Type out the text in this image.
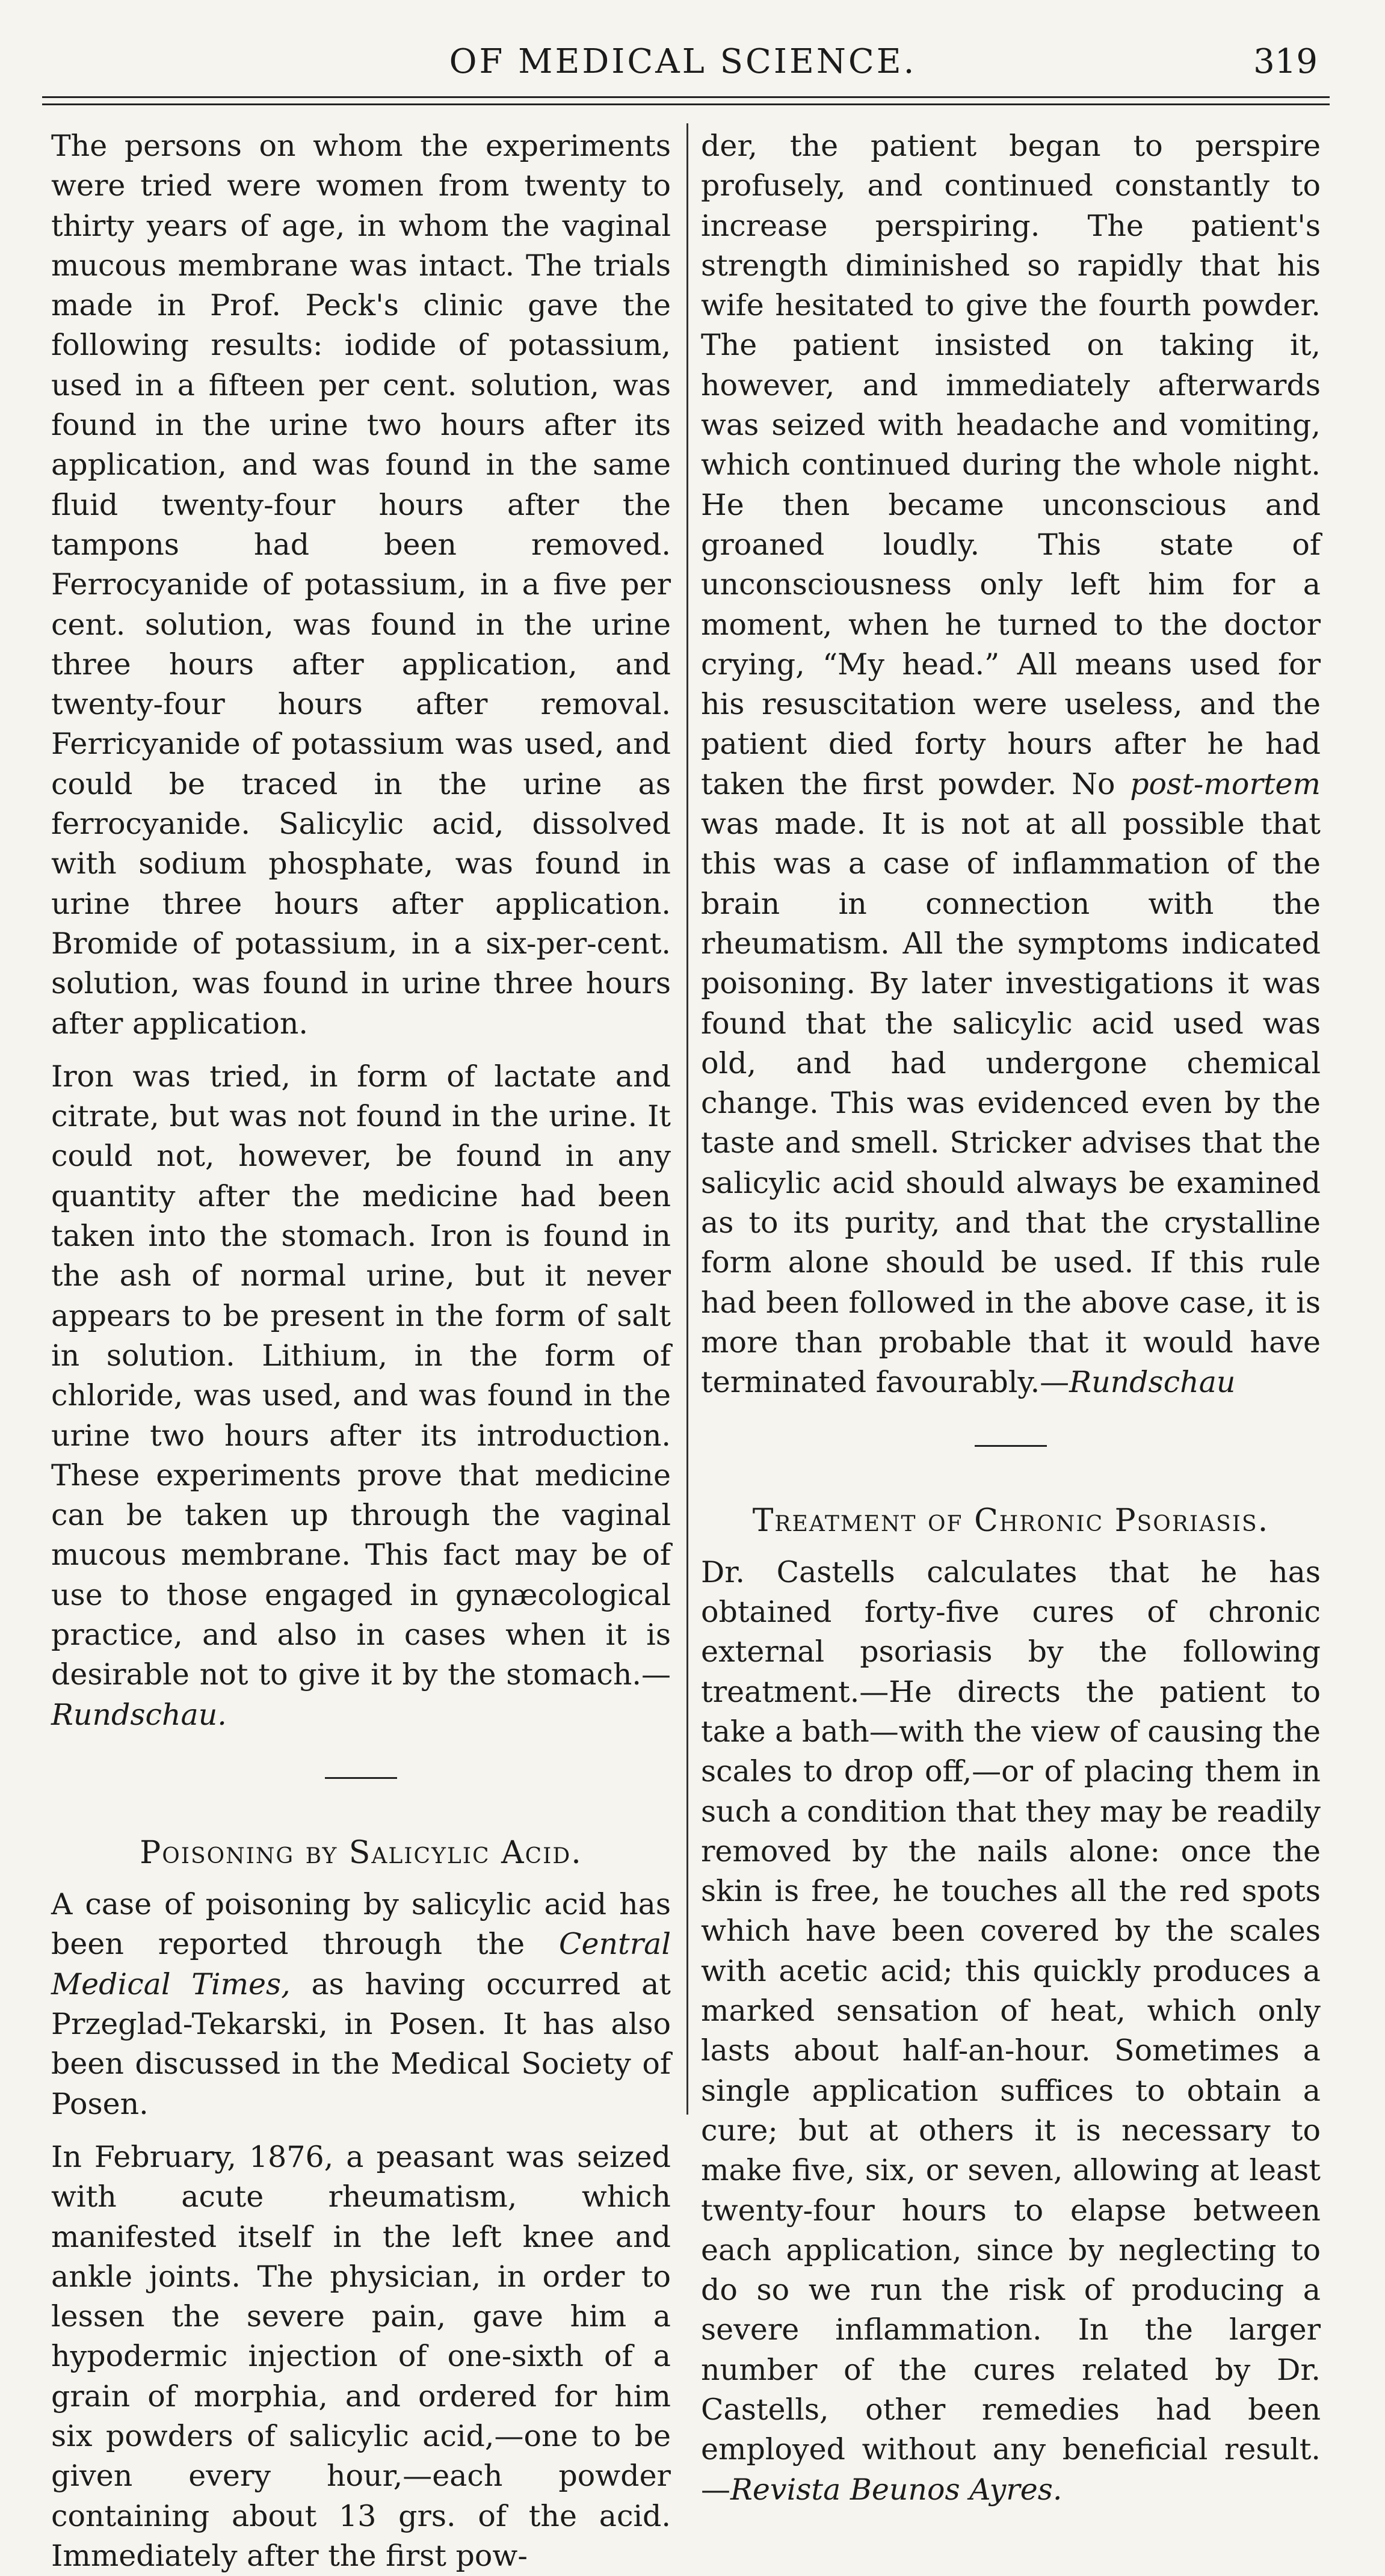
OF MEDICAL SCIENCE.	319

The persons on whom the experiments were tried were women from twenty to thirty years of age, in whom the vaginal mucous membrane was intact. The trials made in Prof. Peck's clinic gave the following results: iodide of potassium, used in a fifteen per cent. solution, was found in the urine two hours after its application, and was found in the same fluid twenty-four hours after the tampons had been removed. Ferrocyanide of potassium, in a five per cent. solution, was found in the urine three hours after application, and twenty-four hours after removal. Ferricyanide of potassium was used, and could be traced in the urine as ferrocyanide. Salicylic acid, dissolved with sodium phosphate, was found in urine three hours after application. Bromide of potassium, in a six-per-cent. solution, was found in urine three hours after application.

Iron was tried, in form of lactate and citrate, but was not found in the urine. It could not, however, be found in any quantity after the medicine had been taken into the stomach. Iron is found in the ash of normal urine, but it never appears to be present in the form of salt in solution. Lithium, in the form of chloride, was used, and was found in the urine two hours after its introduction. These experiments prove that medicine can be taken up through the vaginal mucous membrane. This fact may be of use to those engaged in gynæcological practice, and also in cases when it is desirable not to give it by the stomach.—Rundschau.

Poisoning by Salicylic Acid.

A case of poisoning by salicylic acid has been reported through the Central Medical Times, as having occurred at Przeglad-Tekarski, in Posen. It has also been discussed in the Medical Society of Posen.

In February, 1876, a peasant was seized with acute rheumatism, which manifested itself in the left knee and ankle joints. The physician, in order to lessen the severe pain, gave him a hypodermic injection of one-sixth of a grain of morphia, and ordered for him six powders of salicylic acid,—one to be given every hour,—each powder containing about 13 grs. of the acid. Immediately after the first pow-

der, the patient began to perspire profusely, and continued constantly to increase perspiring. The patient's strength diminished so rapidly that his wife hesitated to give the fourth powder. The patient insisted on taking it, however, and immediately afterwards was seized with headache and vomiting, which continued during the whole night. He then became unconscious and groaned loudly. This state of unconsciousness only left him for a moment, when he turned to the doctor crying, “My head.” All means used for his resuscitation were useless, and the patient died forty hours after he had taken the first powder. No post-mortem was made. It is not at all possible that this was a case of inflammation of the brain in connection with the rheumatism. All the symptoms indicated poisoning. By later investigations it was found that the salicylic acid used was old, and had undergone chemical change. This was evidenced even by the taste and smell. Stricker advises that the salicylic acid should always be examined as to its purity, and that the crystalline form alone should be used. If this rule had been followed in the above case, it is more than probable that it would have terminated favourably.—Rundschau

Treatment of Chronic Psoriasis.

Dr. Castells calculates that he has obtained forty-five cures of chronic external psoriasis by the following treatment.—He directs the patient to take a bath—with the view of causing the scales to drop off,—or of placing them in such a condition that they may be readily removed by the nails alone: once the skin is free, he touches all the red spots which have been covered by the scales with acetic acid; this quickly produces a marked sensation of heat, which only lasts about half-an-hour. Sometimes a single application suffices to obtain a cure; but at others it is necessary to make five, six, or seven, allowing at least twenty-four hours to elapse between each application, since by neglecting to do so we run the risk of producing a severe inflammation. In the larger number of the cures related by Dr. Castells, other remedies had been employed without any beneficial result.—Revista Beunos Ayres.
